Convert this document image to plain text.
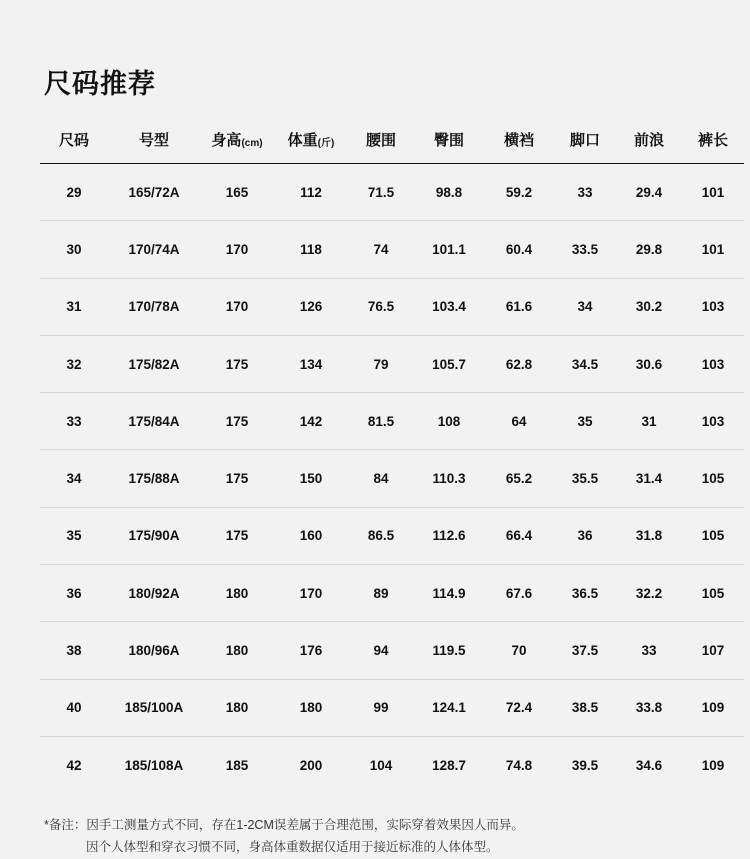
尺码推荐
尺码	号型	身高(cm)	体重(斤)	腰围	臀围	横裆	脚口	前浪	裤长
29	165/72A	165	112	71.5	98.8	59.2	33	29.4	101
30	170/74A	170	118	74	101.1	60.4	33.5	29.8	101
31	170/78A	170	126	76.5	103.4	61.6	34	30.2	103
32	175/82A	175	134	79	105.7	62.8	34.5	30.6	103
33	175/84A	175	142	81.5	108	64	35	31	103
34	175/88A	175	150	84	110.3	65.2	35.5	31.4	105
35	175/90A	175	160	86.5	112.6	66.4	36	31.8	105
36	180/92A	180	170	89	114.9	67.6	36.5	32.2	105
38	180/96A	180	176	94	119.5	70	37.5	33	107
40	185/100A	180	180	99	124.1	72.4	38.5	33.8	109
42	185/108A	185	200	104	128.7	74.8	39.5	34.6	109
*备注：因手工测量方式不同，存在1-2CM误差属于合理范围，实际穿着效果因人而异。
因个人体型和穿衣习惯不同，身高体重数据仅适用于接近标准的人体体型。
